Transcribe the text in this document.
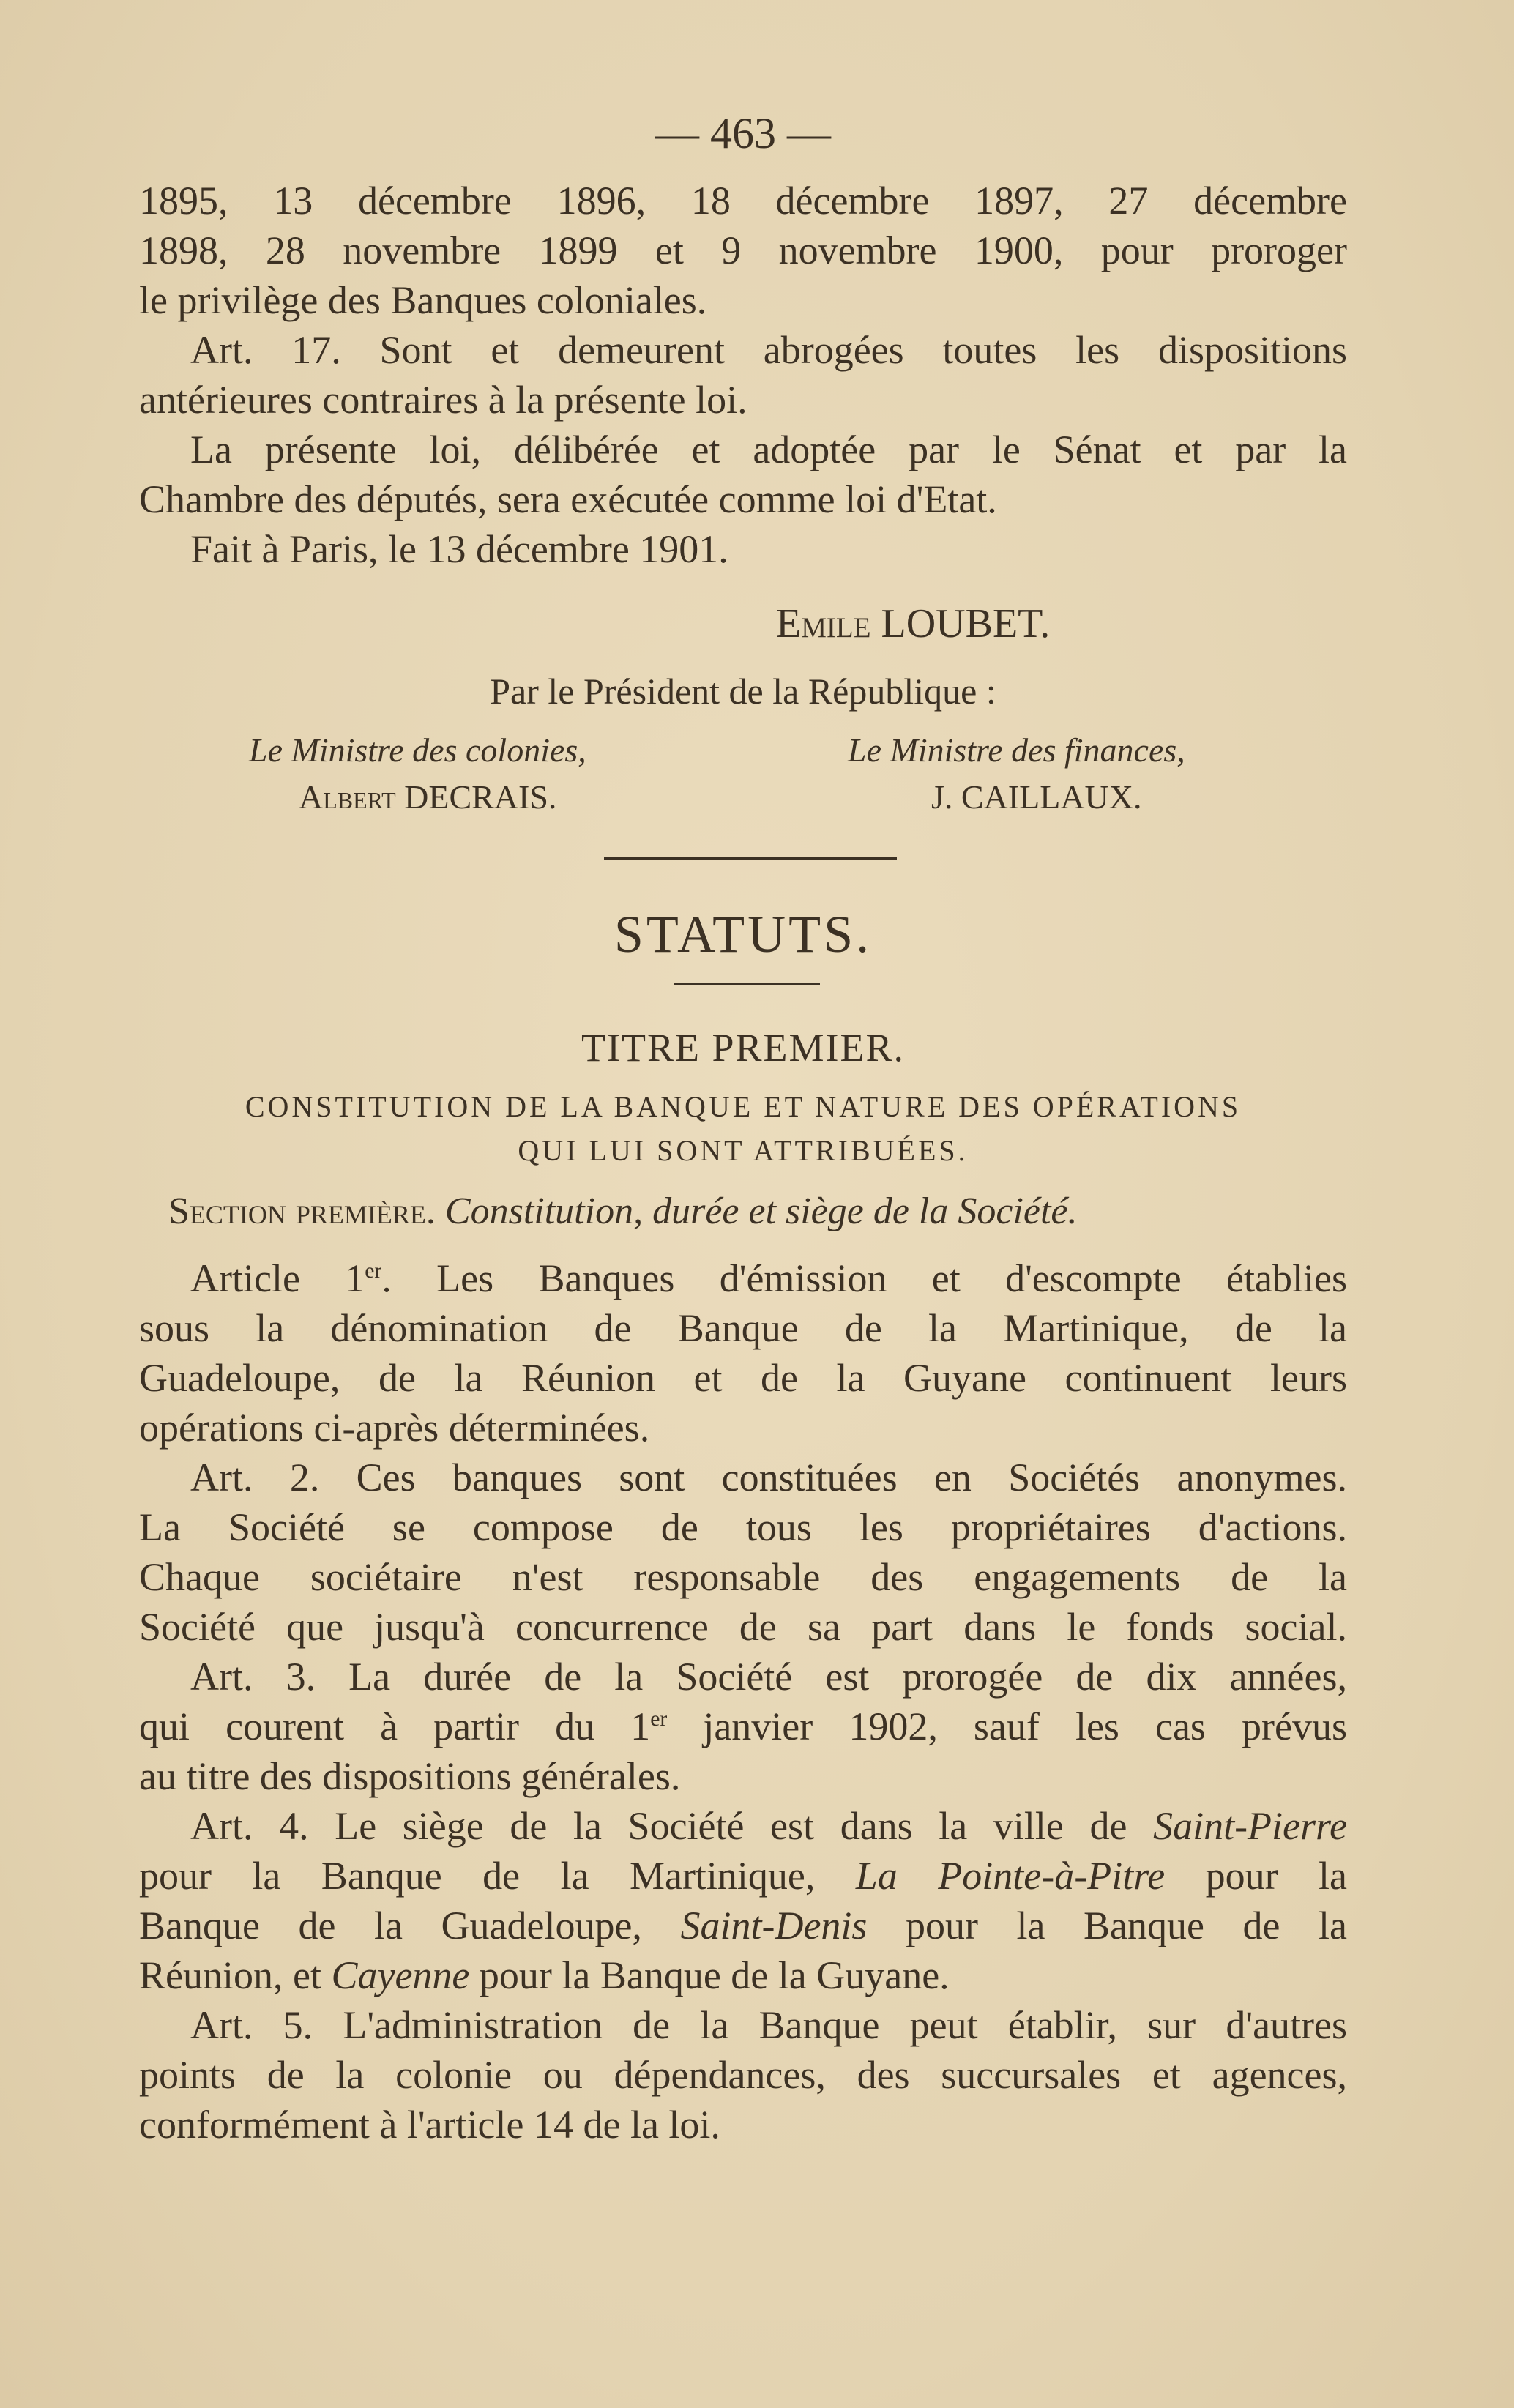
— 463 —
1895, 13 décembre 1896, 18 décembre 1897, 27 décembre
1898, 28 novembre 1899 et 9 novembre 1900, pour proroger
le privilège des Banques coloniales.
Art. 17. Sont et demeurent abrogées toutes les dispositions
antérieures contraires à la présente loi.
La présente loi, délibérée et adoptée par le Sénat et par la
Chambre des députés, sera exécutée comme loi d'Etat.
Fait à Paris, le 13 décembre 1901.
Emile LOUBET.
Par le Président de la République :
Le Ministre des colonies,	Le Ministre des finances,
Albert DECRAIS.	J. CAILLAUX.
STATUTS.
TITRE PREMIER.
CONSTITUTION DE LA BANQUE ET NATURE DES OPÉRATIONS
QUI LUI SONT ATTRIBUÉES.
Section première. Constitution, durée et siège de la Société.
Article 1er. Les Banques d'émission et d'escompte établies
sous la dénomination de Banque de la Martinique, de la
Guadeloupe, de la Réunion et de la Guyane continuent leurs
opérations ci-après déterminées.
Art. 2. Ces banques sont constituées en Sociétés anonymes.
La Société se compose de tous les propriétaires d'actions.
Chaque sociétaire n'est responsable des engagements de la
Société que jusqu'à concurrence de sa part dans le fonds social.
Art. 3. La durée de la Société est prorogée de dix années,
qui courent à partir du 1er janvier 1902, sauf les cas prévus
au titre des dispositions générales.
Art. 4. Le siège de la Société est dans la ville de Saint-Pierre
pour la Banque de la Martinique, La Pointe-à-Pitre pour la
Banque de la Guadeloupe, Saint-Denis pour la Banque de la
Réunion, et Cayenne pour la Banque de la Guyane.
Art. 5. L'administration de la Banque peut établir, sur d'autres
points de la colonie ou dépendances, des succursales et agences,
conformément à l'article 14 de la loi.
